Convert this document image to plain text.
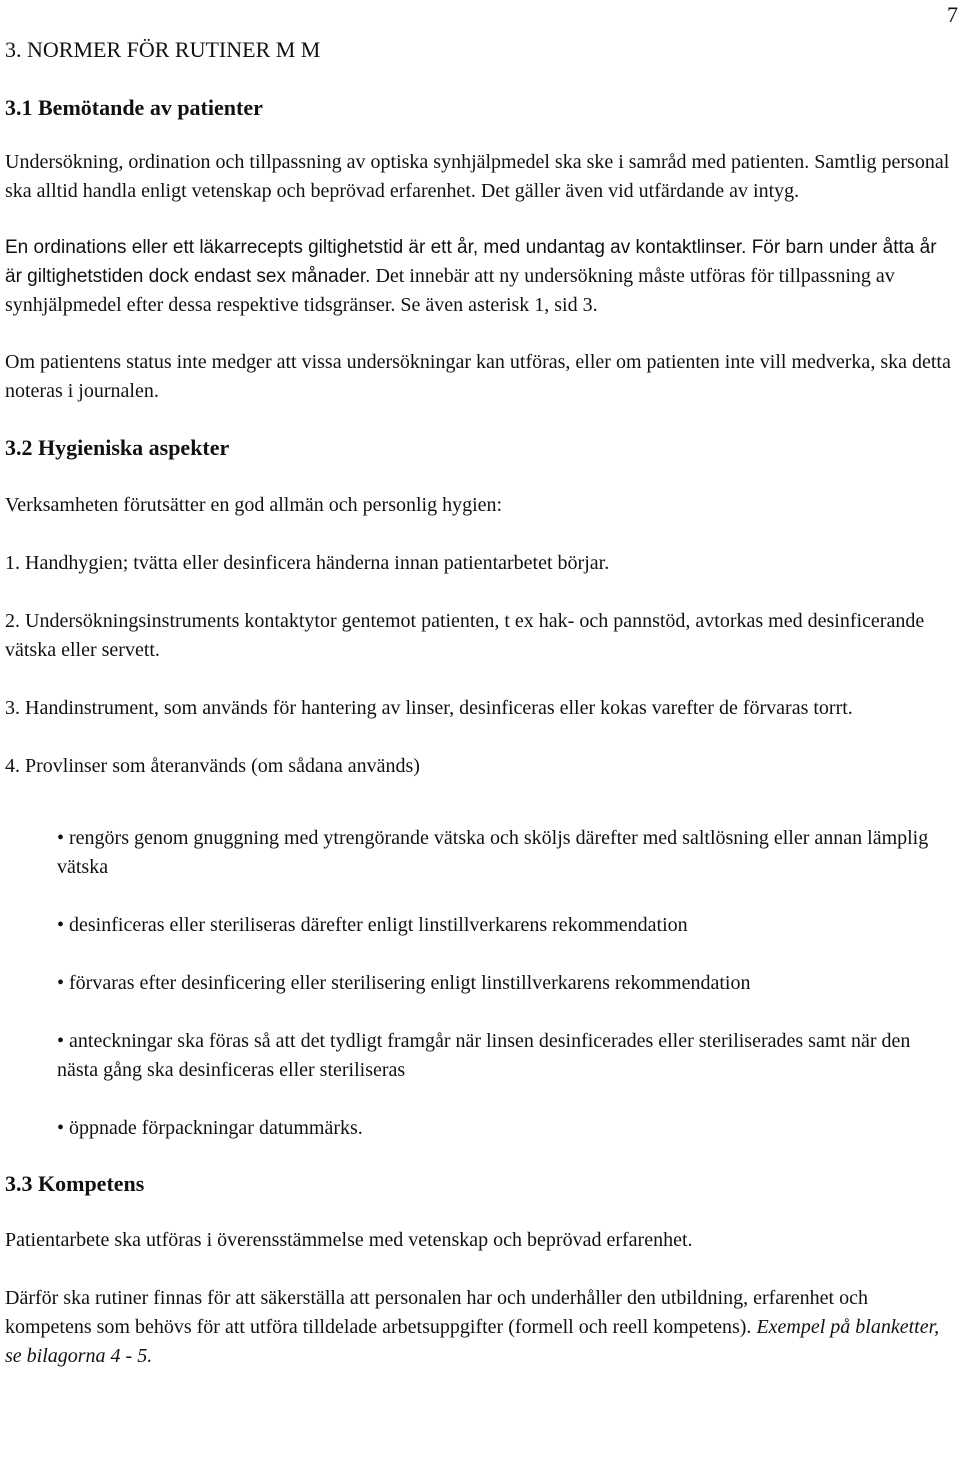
7
3. NORMER FÖR RUTINER M M
3.1 Bemötande av patienter

Undersökning, ordination och tillpassning av optiska synhjälpmedel ska ske i samråd med patienten. Samtlig personal ska alltid handla enligt vetenskap och beprövad erfarenhet. Det gäller även vid utfärdande av intyg.

En ordinations eller ett läkarrecepts giltighetstid är ett år, med undantag av kontaktlinser. För barn under åtta år är giltighetstiden dock endast sex månader. Det innebär att ny undersökning måste utföras för tillpassning av synhjälpmedel efter dessa respektive tidsgränser. Se även asterisk 1, sid 3.

Om patientens status inte medger att vissa undersökningar kan utföras, eller om patienten inte vill medverka, ska detta noteras i journalen.

3.2 Hygieniska aspekter

Verksamheten förutsätter en god allmän och personlig hygien:

1. Handhygien; tvätta eller desinficera händerna innan patientarbetet börjar.

2. Undersökningsinstruments kontaktytor gentemot patienten, t ex hak- och pannstöd, avtorkas med desinficerande vätska eller servett.

3. Handinstrument, som används för hantering av linser, desinficeras eller kokas varefter de förvaras torrt.

4. Provlinser som återanvänds (om sådana används)

• rengörs genom gnuggning med ytrengörande vätska och sköljs därefter med saltlösning eller annan lämplig vätska

• desinficeras eller steriliseras därefter enligt linstillverkarens rekommendation

• förvaras efter desinficering eller sterilisering enligt linstillverkarens rekommendation

• anteckningar ska föras så att det tydligt framgår när linsen desinficerades eller steriliserades samt när den nästa gång ska desinficeras eller steriliseras

• öppnade förpackningar datummärks.

3.3 Kompetens

Patientarbete ska utföras i överensstämmelse med vetenskap och beprövad erfarenhet.

Därför ska rutiner finnas för att säkerställa att personalen har och underhåller den utbildning, erfarenhet och kompetens som behövs för att utföra tilldelade arbetsuppgifter (formell och reell kompetens). Exempel på blanketter, se bilagorna 4 - 5.
